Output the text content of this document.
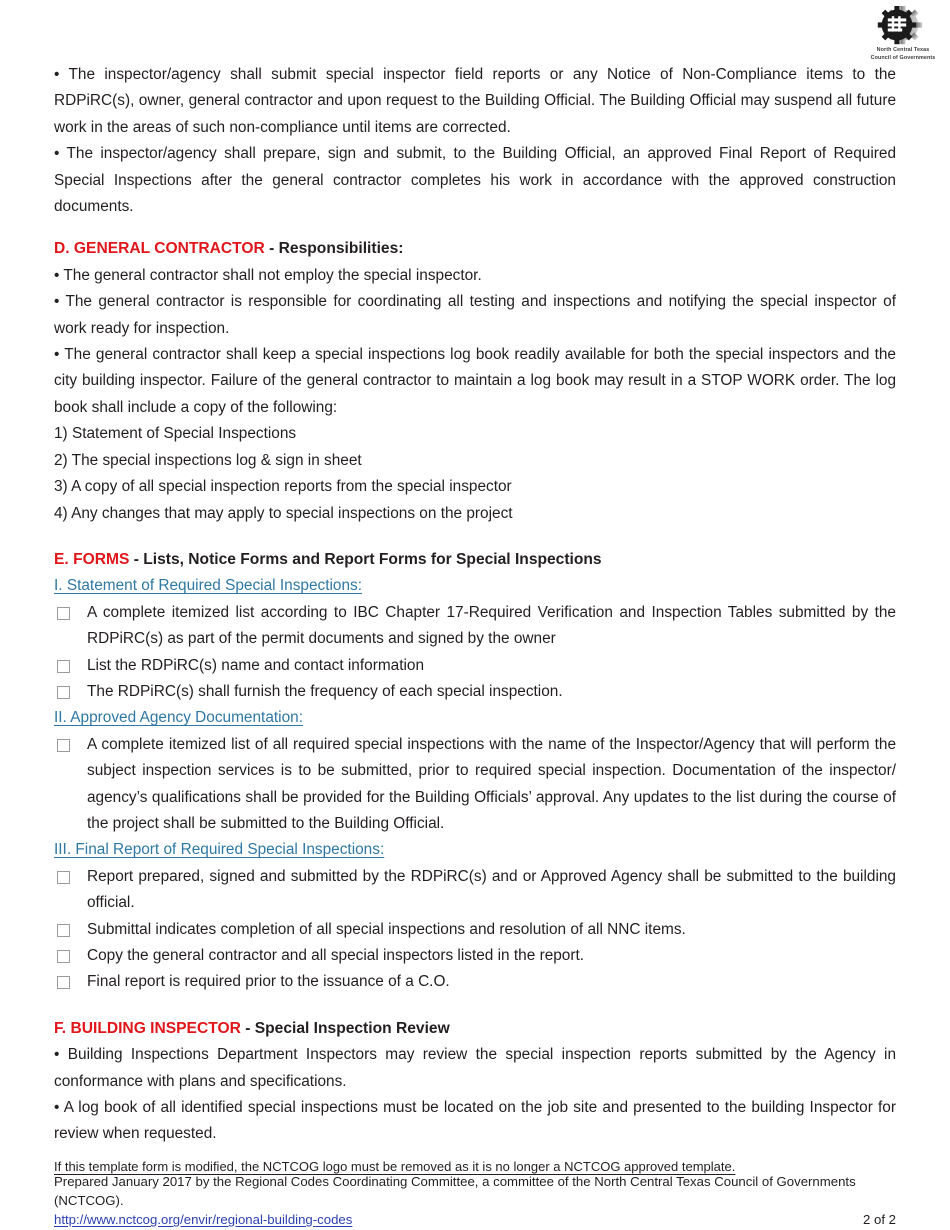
North Central Texas
Council of Governments

• The inspector/agency shall submit special inspector field reports or any Notice of Non-Compliance items to the RDPiRC(s), owner, general contractor and upon request to the Building Official. The Building Official may suspend all future work in the areas of such non-compliance until items are corrected.

• The inspector/agency shall prepare, sign and submit, to the Building Official, an approved Final Report of Required Special Inspections after the general contractor completes his work in accordance with the approved construction documents.

D. GENERAL CONTRACTOR - Responsibilities:

• The general contractor shall not employ the special inspector.

• The general contractor is responsible for coordinating all testing and inspections and notifying the special inspector of work ready for inspection.

• The general contractor shall keep a special inspections log book readily available for both the special inspectors and the city building inspector. Failure of the general contractor to maintain a log book may result in a STOP WORK order. The log book shall include a copy of the following:

1) Statement of Special Inspections

2) The special inspections log & sign in sheet

3) A copy of all special inspection reports from the special inspector

4) Any changes that may apply to special inspections on the project

E. FORMS - Lists, Notice Forms and Report Forms for Special Inspections

I. Statement of Required Special Inspections:
A complete itemized list according to IBC Chapter 17-Required Verification and Inspection Tables submitted by the RDPiRC(s) as part of the permit documents and signed by the owner
List the RDPiRC(s) name and contact information
The RDPiRC(s) shall furnish the frequency of each special inspection.
II. Approved Agency Documentation:
A complete itemized list of all required special inspections with the name of the Inspector/Agency that will perform the subject inspection services is to be submitted, prior to required special inspection. Documentation of the inspector/ agency’s qualifications shall be provided for the Building Officials’ approval. Any updates to the list during the course of the project shall be submitted to the Building Official.
III. Final Report of Required Special Inspections:
Report prepared, signed and submitted by the RDPiRC(s) and or Approved Agency shall be submitted to the building official.
Submittal indicates completion of all special inspections and resolution of all NNC items.
Copy the general contractor and all special inspectors listed in the report.
Final report is required prior to the issuance of a C.O.

F. BUILDING INSPECTOR - Special Inspection Review

• Building Inspections Department Inspectors may review the special inspection reports submitted by the Agency in conformance with plans and specifications.

• A log book of all identified special inspections must be located on the job site and presented to the building Inspector for review when requested.

If this template form is modified, the NCTCOG logo must be removed as it is no longer a NCTCOG approved template.
Prepared January 2017 by the Regional Codes Coordinating Committee, a committee of the North Central Texas Council of Governments (NCTCOG).
http://www.nctcog.org/envir/regional-building-codes	2 of 2
